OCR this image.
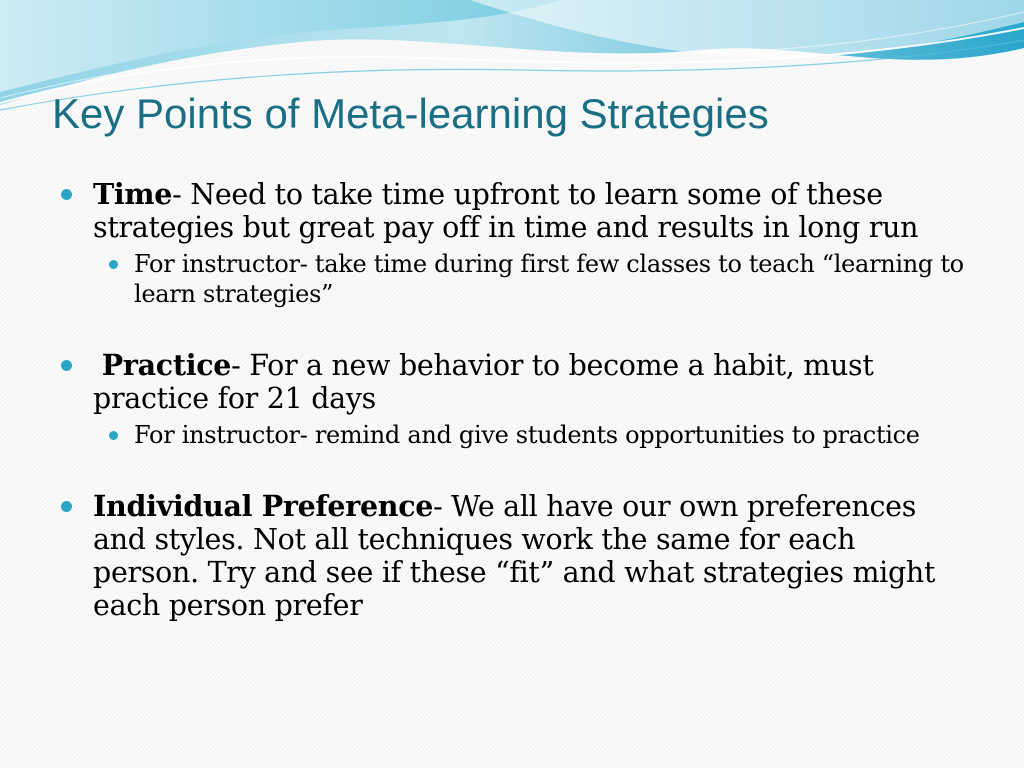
Key Points of Meta-learning Strategies
Time- Need to take time upfront to learn some of these strategies but great pay off in time and results in long run
For instructor- take time during first few classes to teach “learning to learn strategies”
Practice- For a new behavior to become a habit, must practice for 21 days
For instructor- remind and give students opportunities to practice
Individual Preference- We all have our own preferences and styles. Not all techniques work the same for each person. Try and see if these “fit” and what strategies might each person prefer
